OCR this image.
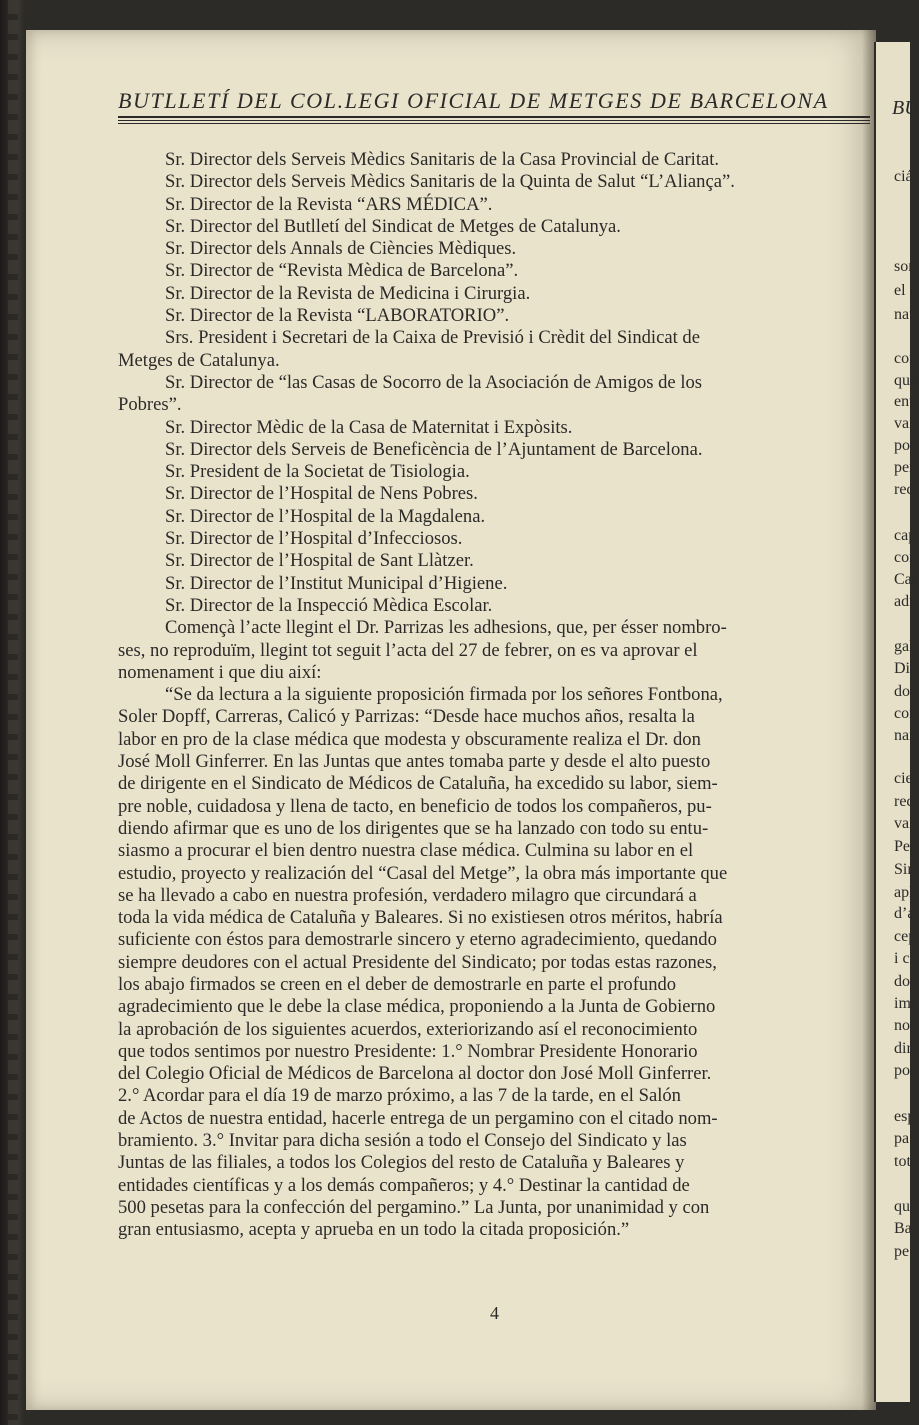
BU
ciá
sor
el
nat
cor
qua
ent
vai
poc
per
rec
cap
cor
Cat
adr
gal
Dit
doi
cor
nar
cie:
rec
vai
Pe:
Sir
apl
d’a
cep
i c
doi
imi
nor
dir
pol
esp
pa:
tot
qu
Ba
pe
BUTLLETÍ DEL COL.LEGI OFICIAL DE METGES DE BARCELONA
Sr. Director dels Serveis Mèdics Sanitaris de la Casa Provincial de Caritat.
Sr. Director dels Serveis Mèdics Sanitaris de la Quinta de Salut “L’Aliança”.
Sr. Director de la Revista “ARS MÉDICA”.
Sr. Director del Butlletí del Sindicat de Metges de Catalunya.
Sr. Director dels Annals de Ciències Mèdiques.
Sr. Director de “Revista Mèdica de Barcelona”.
Sr. Director de la Revista de Medicina i Cirurgia.
Sr. Director de la Revista “LABORATORIO”.
Srs. President i Secretari de la Caixa de Previsió i Crèdit del Sindicat de
Metges de Catalunya.
Sr. Director de “las Casas de Socorro de la Asociación de Amigos de los
Pobres”.
Sr. Director Mèdic de la Casa de Maternitat i Expòsits.
Sr. Director dels Serveis de Beneficència de l’Ajuntament de Barcelona.
Sr. President de la Societat de Tisiologia.
Sr. Director de l’Hospital de Nens Pobres.
Sr. Director de l’Hospital de la Magdalena.
Sr. Director de l’Hospital d’Infecciosos.
Sr. Director de l’Hospital de Sant Llàtzer.
Sr. Director de l’Institut Municipal d’Higiene.
Sr. Director de la Inspecció Mèdica Escolar.
Començà l’acte llegint el Dr. Parrizas les adhesions, que, per ésser nombro-
ses, no reproduïm, llegint tot seguit l’acta del 27 de febrer, on es va aprovar el
nomenament i que diu així:
“Se da lectura a la siguiente proposición firmada por los señores Fontbona,
Soler Dopff, Carreras, Calicó y Parrizas: “Desde hace muchos años, resalta la
labor en pro de la clase médica que modesta y obscuramente realiza el Dr. don
José Moll Ginferrer. En las Juntas que antes tomaba parte y desde el alto puesto
de dirigente en el Sindicato de Médicos de Cataluña, ha excedido su labor, siem-
pre noble, cuidadosa y llena de tacto, en beneficio de todos los compañeros, pu-
diendo afirmar que es uno de los dirigentes que se ha lanzado con todo su entu-
siasmo a procurar el bien dentro nuestra clase médica. Culmina su labor en el
estudio, proyecto y realización del “Casal del Metge”, la obra más importante que
se ha llevado a cabo en nuestra profesión, verdadero milagro que circundará a
toda la vida médica de Cataluña y Baleares. Si no existiesen otros méritos, habría
suficiente con éstos para demostrarle sincero y eterno agradecimiento, quedando
siempre deudores con el actual Presidente del Sindicato; por todas estas razones,
los abajo firmados se creen en el deber de demostrarle en parte el profundo
agradecimiento que le debe la clase médica, proponiendo a la Junta de Gobierno
la aprobación de los siguientes acuerdos, exteriorizando así el reconocimiento
que todos sentimos por nuestro Presidente: 1.° Nombrar Presidente Honorario
del Colegio Oficial de Médicos de Barcelona al doctor don José Moll Ginferrer.
2.° Acordar para el día 19 de marzo próximo, a las 7 de la tarde, en el Salón
de Actos de nuestra entidad, hacerle entrega de un pergamino con el citado nom-
bramiento. 3.° Invitar para dicha sesión a todo el Consejo del Sindicato y las
Juntas de las filiales, a todos los Colegios del resto de Cataluña y Baleares y
entidades científicas y a los demás compañeros; y 4.° Destinar la cantidad de
500 pesetas para la confección del pergamino.” La Junta, por unanimidad y con
gran entusiasmo, acepta y aprueba en un todo la citada proposición.”
4
